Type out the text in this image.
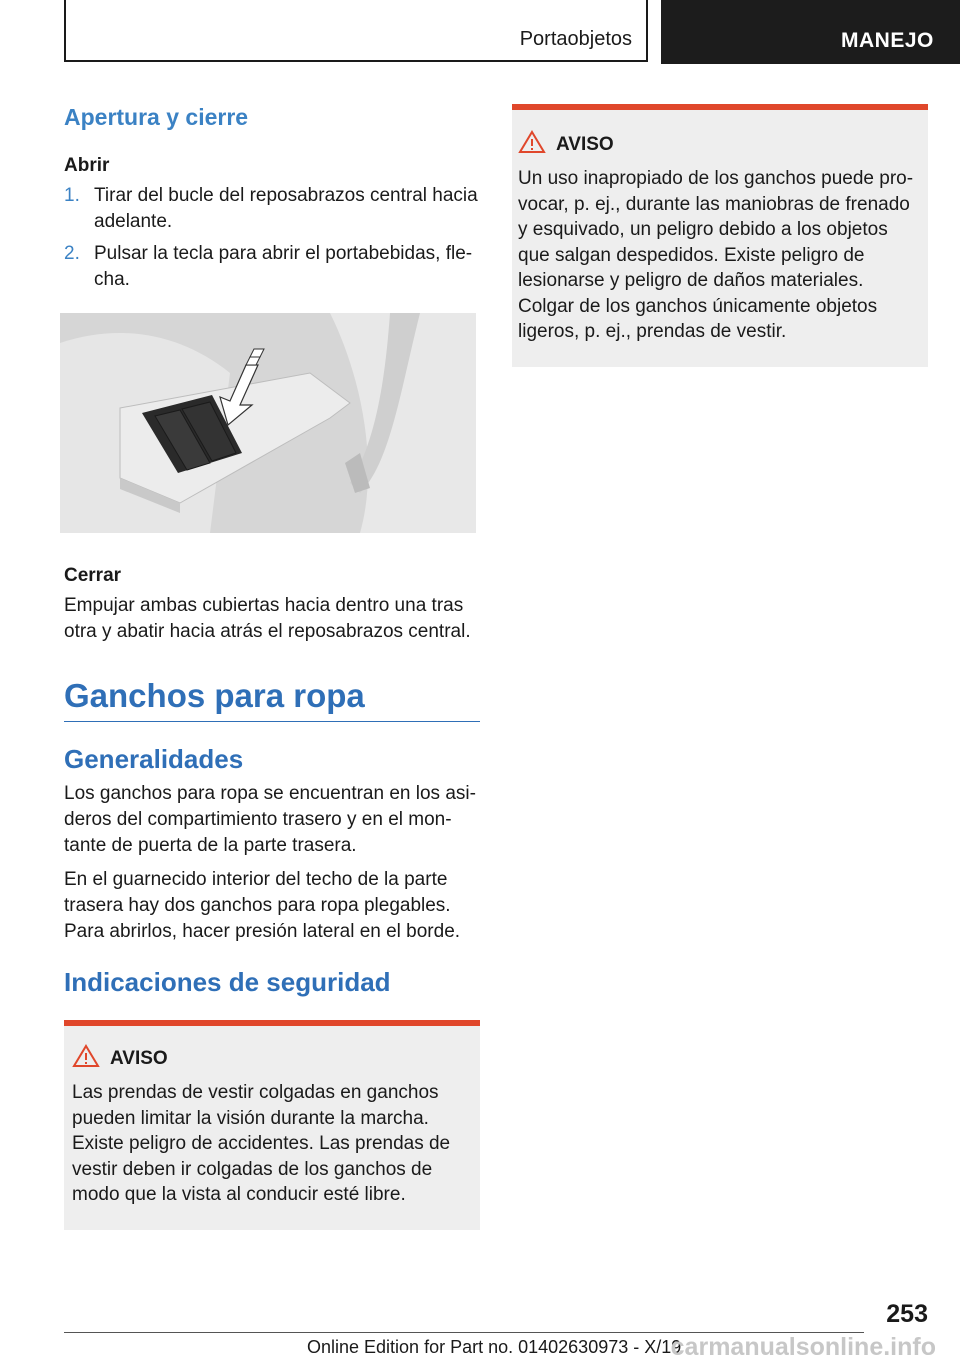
Portaobjetos	MANEJO
Apertura y cierre

Abrir

1. Tirar del bucle del reposabrazos central hacia adelante.
2. Pulsar la tecla para abrir el portabebidas, flecha.

Cerrar

Empujar ambas cubiertas hacia dentro una tras otra y abatir hacia atrás el reposabrazos central.

Ganchos para ropa
Generalidades

Los ganchos para ropa se encuentran en los asideros del compartimiento trasero y en el montante de puerta de la parte trasera.

En el guarnecido interior del techo de la parte trasera hay dos ganchos para ropa plegables. Para abrirlos, hacer presión lateral en el borde.

Indicaciones de seguridad
AVISO

Las prendas de vestir colgadas en ganchos pueden limitar la visión durante la marcha. Existe peligro de accidentes. Las prendas de vestir deben ir colgadas de los ganchos de modo que la vista al conducir esté libre.

AVISO

Un uso inapropiado de los ganchos puede provocar, p. ej., durante las maniobras de frenado y esquivado, un peligro debido a los objetos que salgan despedidos. Existe peligro de lesionarse y peligro de daños materiales. Colgar de los ganchos únicamente objetos ligeros, p. ej., prendas de vestir.

253
Online Edition for Part no. 01402630973 - X/19
carmanualsonline.info
